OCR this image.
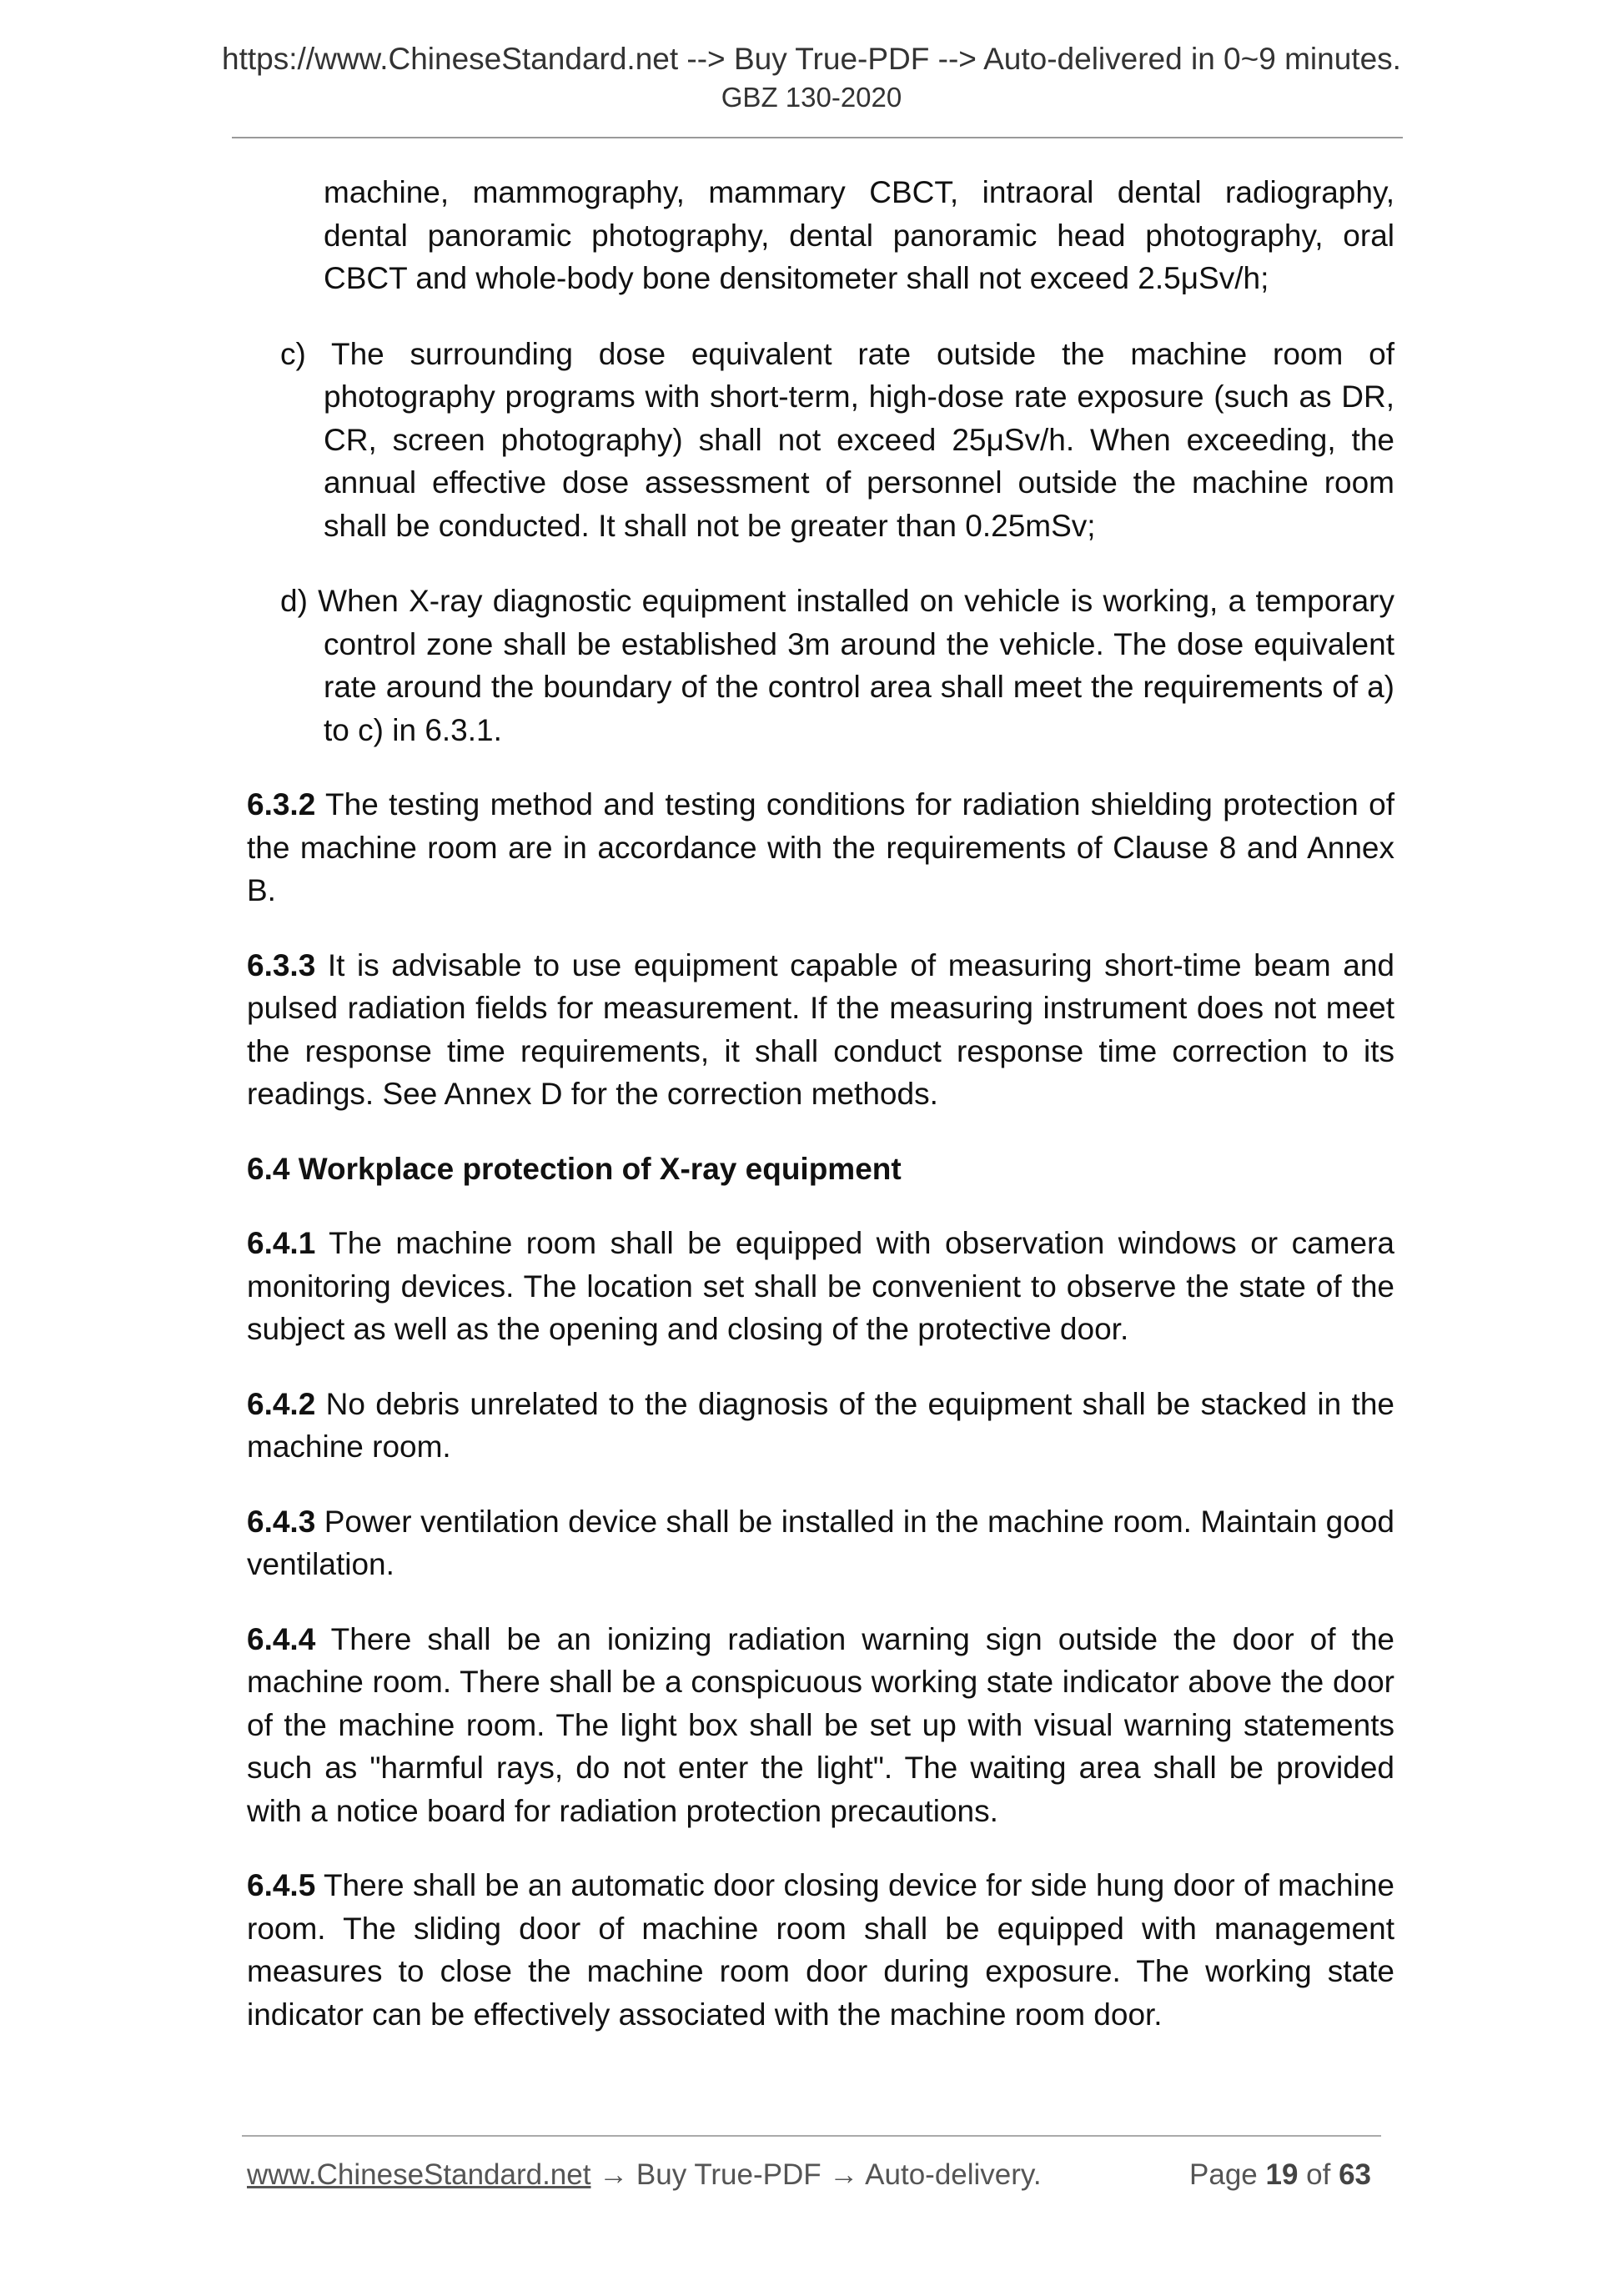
https://www.ChineseStandard.net --> Buy True-PDF --> Auto-delivered in 0~9 minutes.
GBZ 130-2020

machine, mammography, mammary CBCT, intraoral dental radiography, dental panoramic photography, dental panoramic head photography, oral CBCT and whole-body bone densitometer shall not exceed 2.5μSv/h;

c) The surrounding dose equivalent rate outside the machine room of photography programs with short-term, high-dose rate exposure (such as DR, CR, screen photography) shall not exceed 25μSv/h. When exceeding, the annual effective dose assessment of personnel outside the machine room shall be conducted. It shall not be greater than 0.25mSv;

d) When X-ray diagnostic equipment installed on vehicle is working, a temporary control zone shall be established 3m around the vehicle. The dose equivalent rate around the boundary of the control area shall meet the requirements of a) to c) in 6.3.1.

6.3.2 The testing method and testing conditions for radiation shielding protection of the machine room are in accordance with the requirements of Clause 8 and Annex B.

6.3.3 It is advisable to use equipment capable of measuring short-time beam and pulsed radiation fields for measurement. If the measuring instrument does not meet the response time requirements, it shall conduct response time correction to its readings. See Annex D for the correction methods.

6.4 Workplace protection of X-ray equipment

6.4.1 The machine room shall be equipped with observation windows or camera monitoring devices. The location set shall be convenient to observe the state of the subject as well as the opening and closing of the protective door.

6.4.2 No debris unrelated to the diagnosis of the equipment shall be stacked in the machine room.

6.4.3 Power ventilation device shall be installed in the machine room. Maintain good ventilation.

6.4.4 There shall be an ionizing radiation warning sign outside the door of the machine room. There shall be a conspicuous working state indicator above the door of the machine room. The light box shall be set up with visual warning statements such as "harmful rays, do not enter the light". The waiting area shall be provided with a notice board for radiation protection precautions.

6.4.5 There shall be an automatic door closing device for side hung door of machine room. The sliding door of machine room shall be equipped with management measures to close the machine room door during exposure. The working state indicator can be effectively associated with the machine room door.

www.ChineseStandard.net → Buy True-PDF → Auto-delivery.	Page 19 of 63
